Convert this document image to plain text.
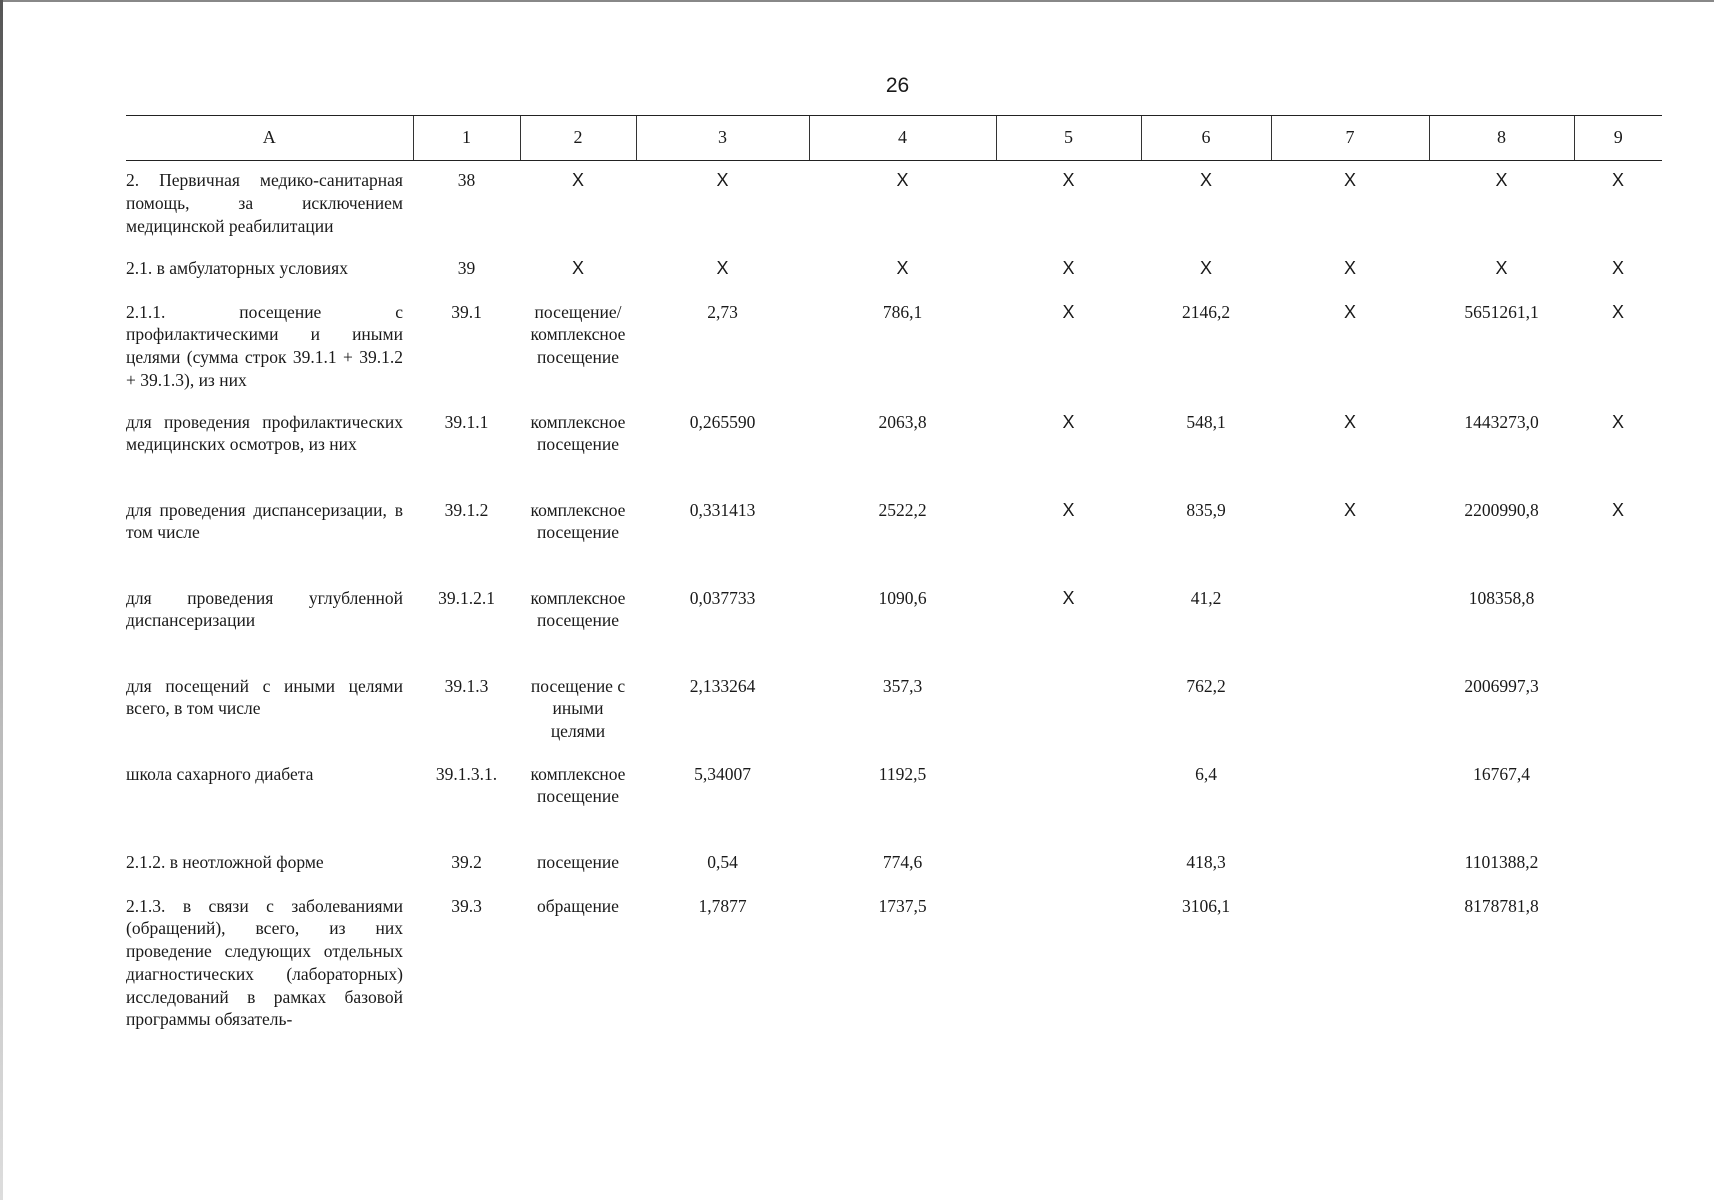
26
А	1	2	3	4	5	6	7	8	9
2. Первичная медико-санитарная помощь, за исключением медицинской реабилитации	38	X	X	X	X	X	X	X	X
2.1. в амбулаторных условиях	39	X	X	X	X	X	X	X	X
2.1.1. посещение с профилактическими и иными целями (сумма строк 39.1.1 + 39.1.2 + 39.1.3), из них	39.1	посещение/ комплексное посещение	2,73	786,1	X	2146,2	X	5651261,1	X
для проведения профилактических медицинских осмотров, из них	39.1.1	комплексное посещение	0,265590	2063,8	X	548,1	X	1443273,0	X
для проведения диспансеризации, в том числе	39.1.2	комплексное посещение	0,331413	2522,2	X	835,9	X	2200990,8	X
для проведения углубленной диспансеризации	39.1.2.1	комплексное посещение	0,037733	1090,6	X	41,2		108358,8	
для посещений с иными целями всего, в том числе	39.1.3	посещение с иными целями	2,133264	357,3		762,2		2006997,3	
школа сахарного диабета	39.1.3.1.	комплексное посещение	5,34007	1192,5		6,4		16767,4	
2.1.2. в неотложной форме	39.2	посещение	0,54	774,6		418,3		1101388,2	
2.1.3. в связи с заболеваниями (обращений), всего, из них проведение следующих отдельных диагностических (лабораторных) исследований в рамках базовой программы обязатель-	39.3	обращение	1,7877	1737,5		3106,1		8178781,8	
